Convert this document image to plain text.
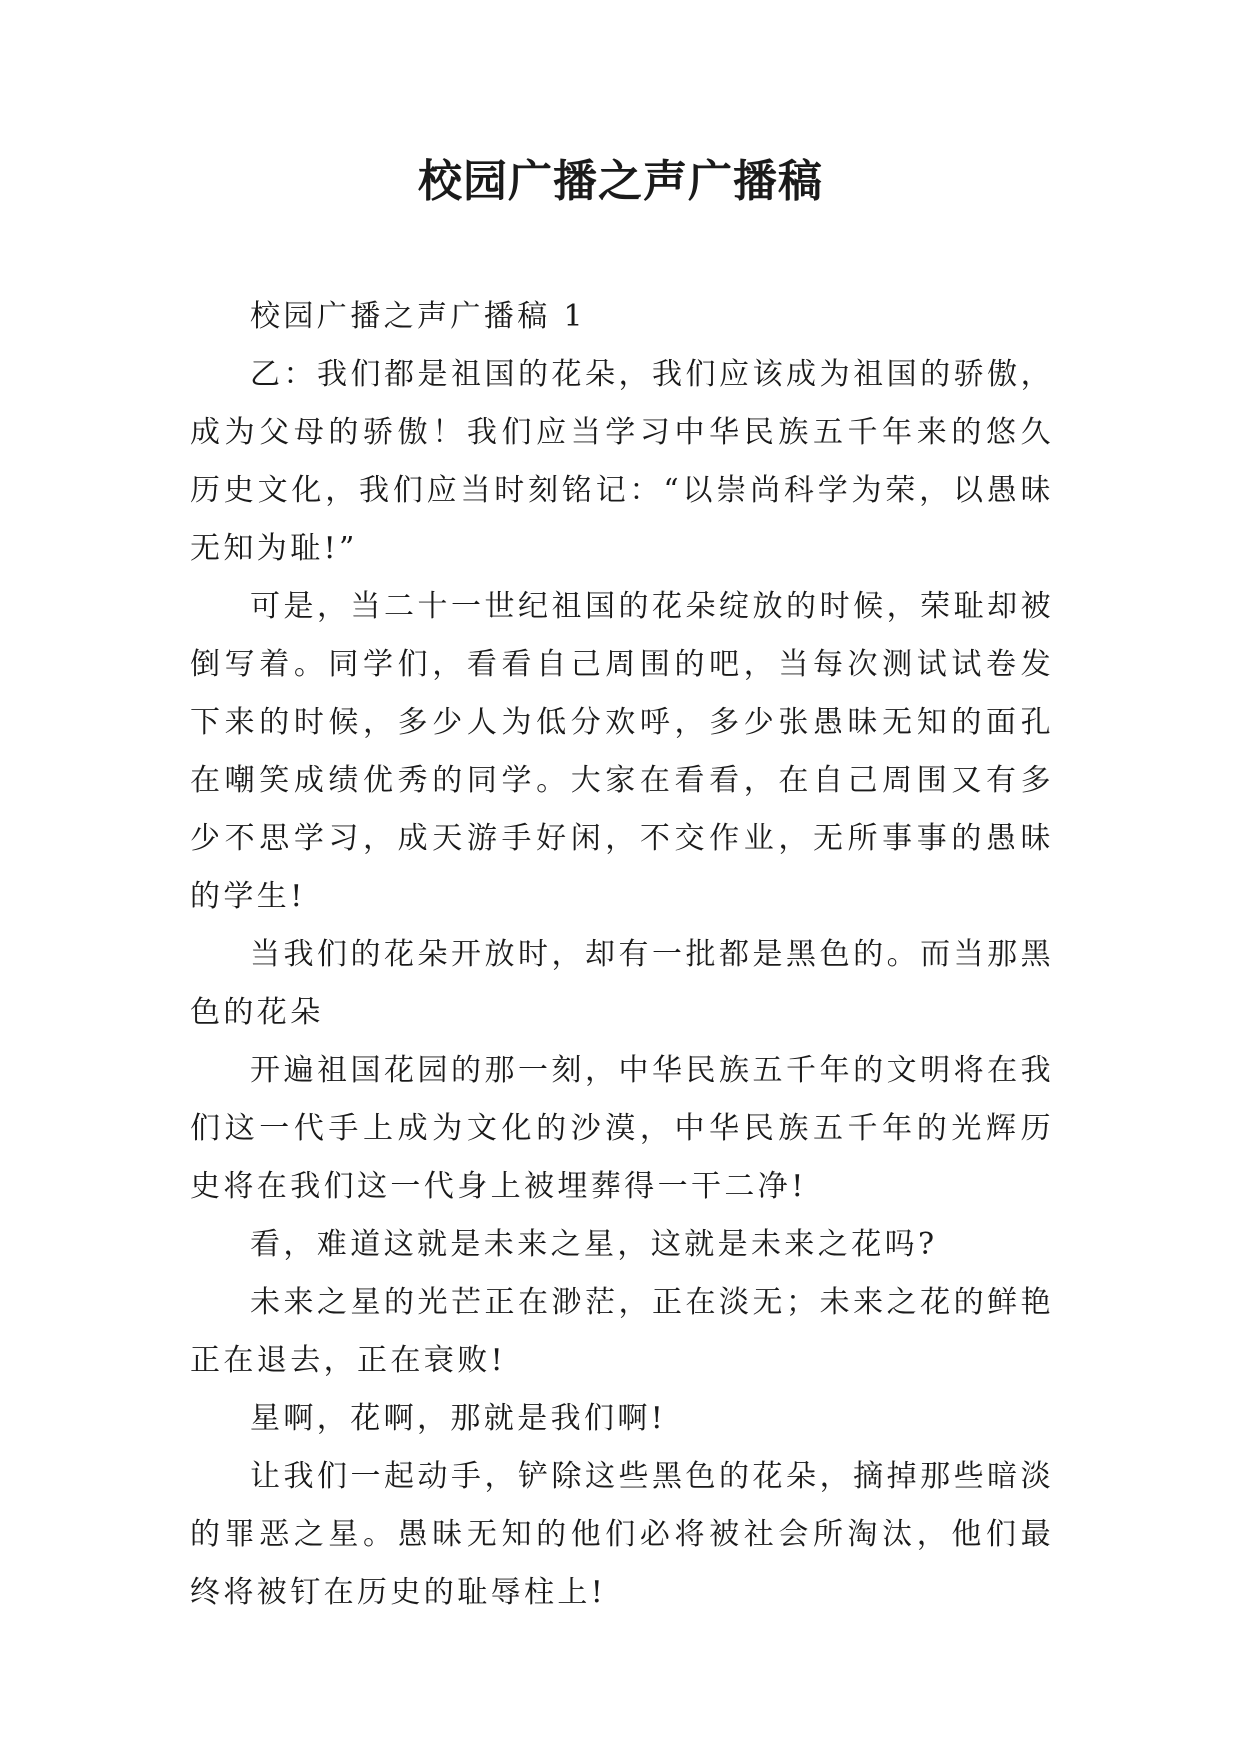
校园广播之声广播稿

校园广播之声广播稿 1

乙：我们都是祖国的花朵，我们应该成为祖国的骄傲，成为父母的骄傲！我们应当学习中华民族五千年来的悠久历史文化，我们应当时刻铭记：“以崇尚科学为荣，以愚昧无知为耻!”

可是，当二十一世纪祖国的花朵绽放的时候，荣耻却被倒写着。同学们，看看自己周围的吧，当每次测试试卷发下来的时候，多少人为低分欢呼，多少张愚昧无知的面孔在嘲笑成绩优秀的同学。大家在看看，在自己周围又有多少不思学习，成天游手好闲，不交作业，无所事事的愚昧的学生!

当我们的花朵开放时，却有一批都是黑色的。而当那黑色的花朵

开遍祖国花园的那一刻，中华民族五千年的文明将在我们这一代手上成为文化的沙漠，中华民族五千年的光辉历史将在我们这一代身上被埋葬得一干二净!

看，难道这就是未来之星，这就是未来之花吗?

未来之星的光芒正在渺茫，正在淡无；未来之花的鲜艳正在退去，正在衰败!

星啊，花啊，那就是我们啊!

让我们一起动手，铲除这些黑色的花朵，摘掉那些暗淡的罪恶之星。愚昧无知的他们必将被社会所淘汰，他们最终将被钉在历史的耻辱柱上!
